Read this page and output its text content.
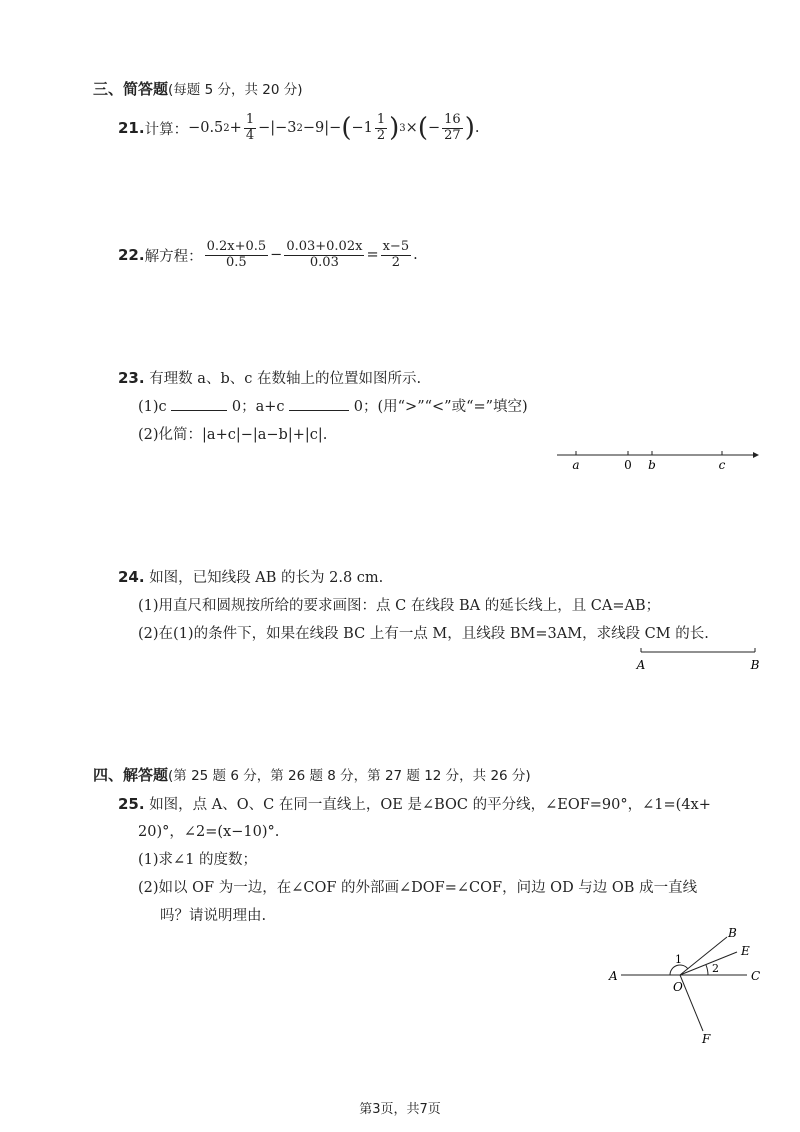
三、简答题(每题 5 分，共 20 分)
21. 计算： −0.5 $2 + \frac{1}{4} -|-3$ 2 −9|− ( $-1 \frac{1}{2}$ ) 3 × ( − $\frac{16}{27}$ ) .
22. 解方程： $\frac{0.2x+0.5}{0.5} - \frac{0.03+0.02x}{0.03} = \frac{x-5}{2}$ .
23. 有理数 a、b、c 在数轴上的位置如图所示.
(1)c	0；a+c	0；(用“>”“<”或“=”填空)
(2)化简：|a+c|−|a−b|+|c|.
a	0 b	c
24. 如图，已知线段 AB 的长为 2.8 cm.
(1)用直尺和圆规按所给的要求画图：点 C 在线段 BA 的延长线上，且 CA=AB；
(2)在(1)的条件下，如果在线段 BC 上有一点 M，且线段 BM=3AM，求线段 CM 的长.
A	B
四、解答题(第 25 题 6 分，第 26 题 8 分，第 27 题 12 分，共 26 分)
25. 如图，点 A、O、C 在同一直线上，OE 是∠BOC 的平分线，∠EOF=90°，∠1=(4x+
20)°，∠2=(x−10)°.
(1)求∠1 的度数；
(2)如以 OF 为一边，在∠COF 的外部画∠DOF=∠COF，问边 OD 与边 OB 成一直线
吗？请说明理由.
A
O
C
B
E
F
1
2
第3页，共7页
